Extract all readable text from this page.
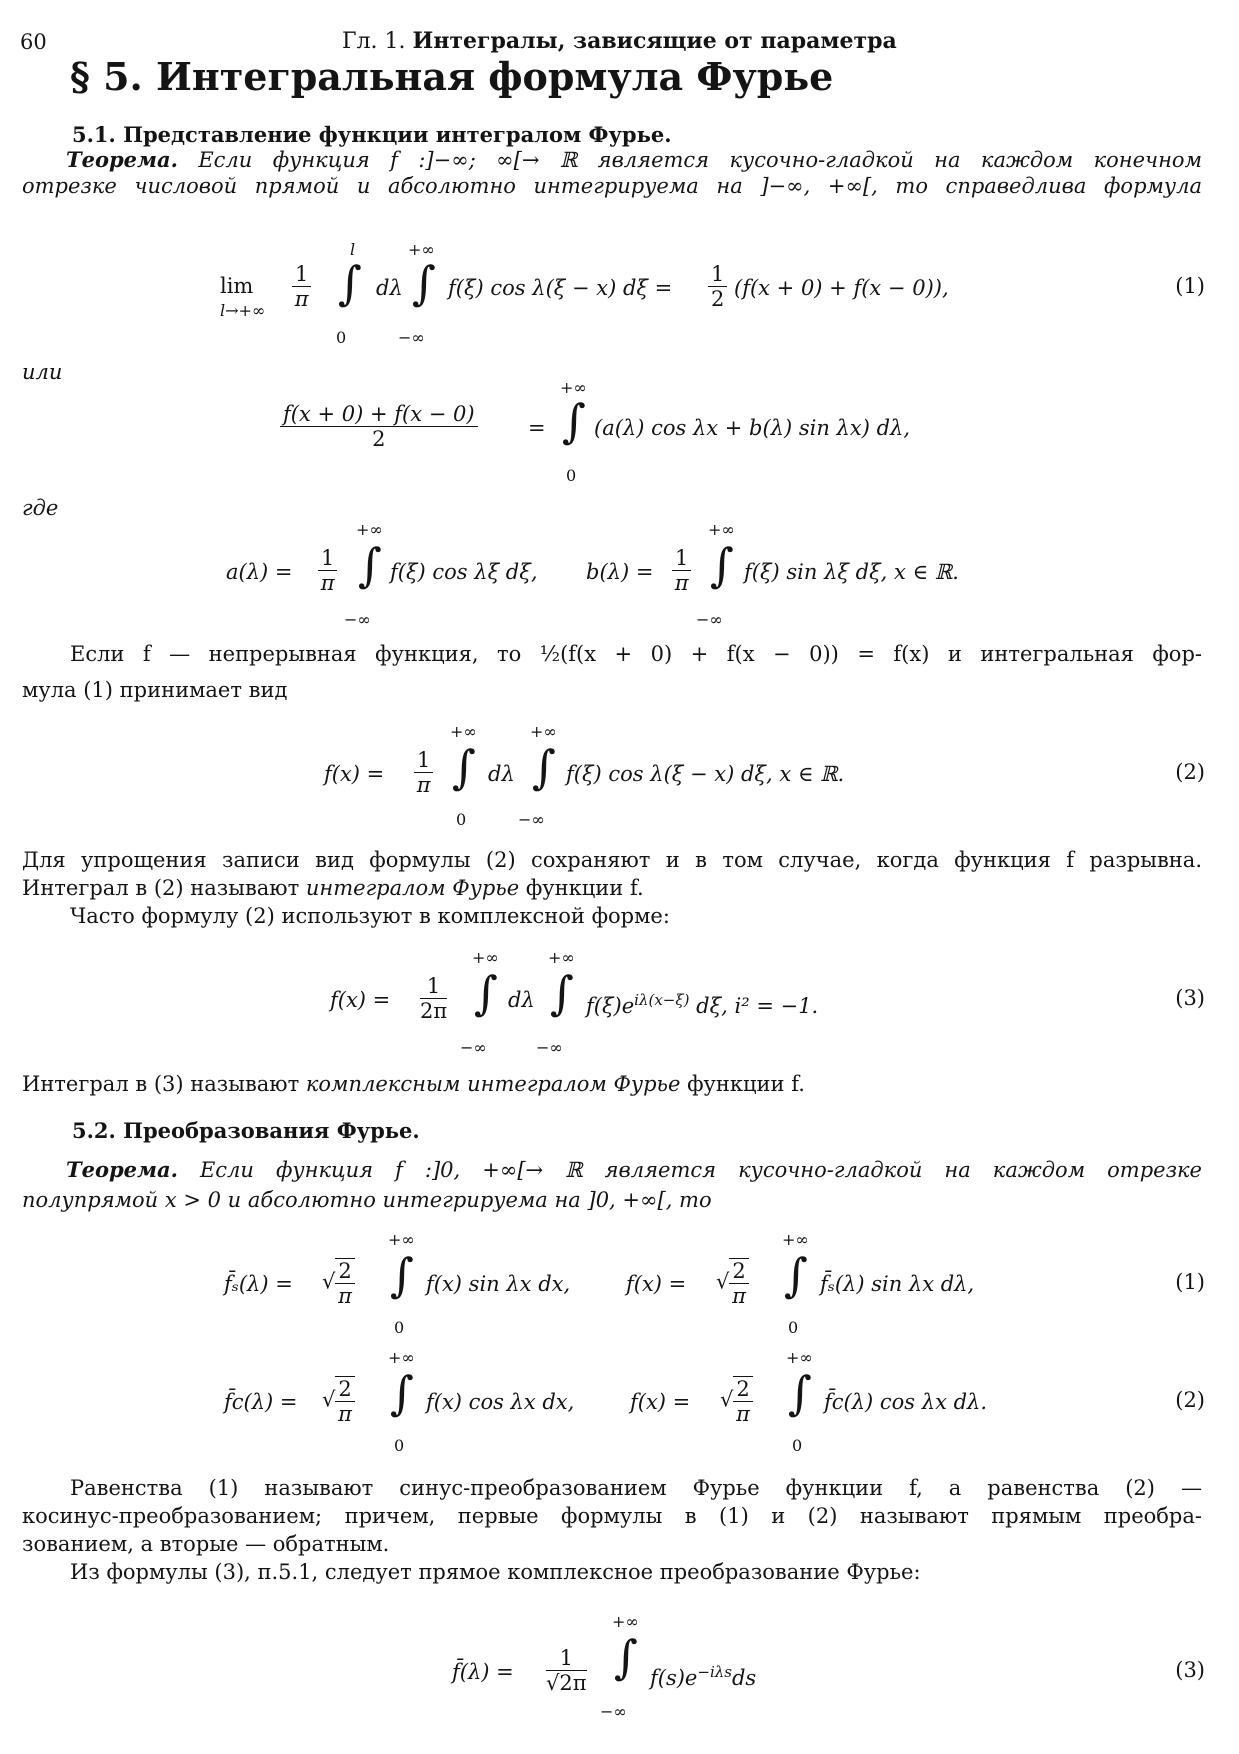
60	Гл. 1. Интегралы, зависящие от параметра
§ 5. Интегральная формула Фурье
5.1. Представление функции интегралом Фурье.
Теорема. Если функция f :]−∞; ∞[→ ℝ является кусочно-гладкой на каждом конечном
отрезке числовой прямой и абсолютно интегрируема на ]−∞, +∞[, то справедлива формула
lim
$l\to+\infty \frac{1}{\pi}$
l
∫
0
dλ
+∞
∫
−∞
f(ξ) cos λ(ξ − x) $d\xi = \frac{1}{2} (f(x + 0) + f(x - 0))$,	(1)
или
$\frac{f(x + 0) + f(x - 0)}{2}$ =
+∞
∫
0
(a(λ) cos λx + b(λ) sin λx) dλ,
где
$a(\lambda) = \frac{1}{\pi}$
+∞
∫
−∞
f(ξ) cos λξ dξ, $b(\lambda) = \frac{1}{\pi}$
+∞
∫
−∞
f(ξ) sin λξ dξ, x ∈ ℝ.
Если f — непрерывная функция, то ½(f(x + 0) + f(x − 0)) = f(x) и интегральная фор-
мула (1) принимает вид
$f(x) = \frac{1}{\pi}$
+∞
∫
0
dλ
+∞
∫
−∞
f(ξ) cos λ(ξ − x) dξ, x ∈ ℝ.	(2)
Для упрощения записи вид формулы (2) сохраняют и в том случае, когда функция f разрывна.
Интеграл в (2) называют интегралом Фурье функции f.
Часто формулу (2) используют в комплексной форме:
$f(x) = \frac{1}{2\pi}$
+∞
∫
−∞
dλ
+∞
∫
−∞
$f(\xi)e^{i\lambda(x-\xi)}$ dξ, i² = −1.	(3)
Интеграл в (3) называют комплексным интегралом Фурье функции f.
5.2. Преобразования Фурье.
Теорема. Если функция f :]0, +∞[→ ℝ является кусочно-гладкой на каждом отрезке
полупрямой x > 0 и абсолютно интегрируема на ]0, +∞[, то
f̄ₛ(λ) = √ $\frac{2}{\pi}$
+∞
∫
0
f(x) sin λx dx,	f(x) = √ $\frac{2}{\pi}$
+∞
∫
0
f̄ₛ(λ) sin λx dλ,	(1)
f̄c(λ) = √ $\frac{2}{\pi}$
+∞
∫
0
f(x) cos λx dx,	f(x) = √ $\frac{2}{\pi}$
+∞
∫
0
f̄c(λ) cos λx dλ.	(2)
Равенства (1) называют синус-преобразованием Фурье функции f, а равенства (2) —
косинус-преобразованием; причем, первые формулы в (1) и (2) называют прямым преобра-
зованием, а вторые — обратным.
Из формулы (3), п.5.1, следует прямое комплексное преобразование Фурье:
f̄(λ) = $\frac{1}{√2\pi}$
+∞
∫
−∞
$f(s)e^{-i\lambda s}ds$	(3)
